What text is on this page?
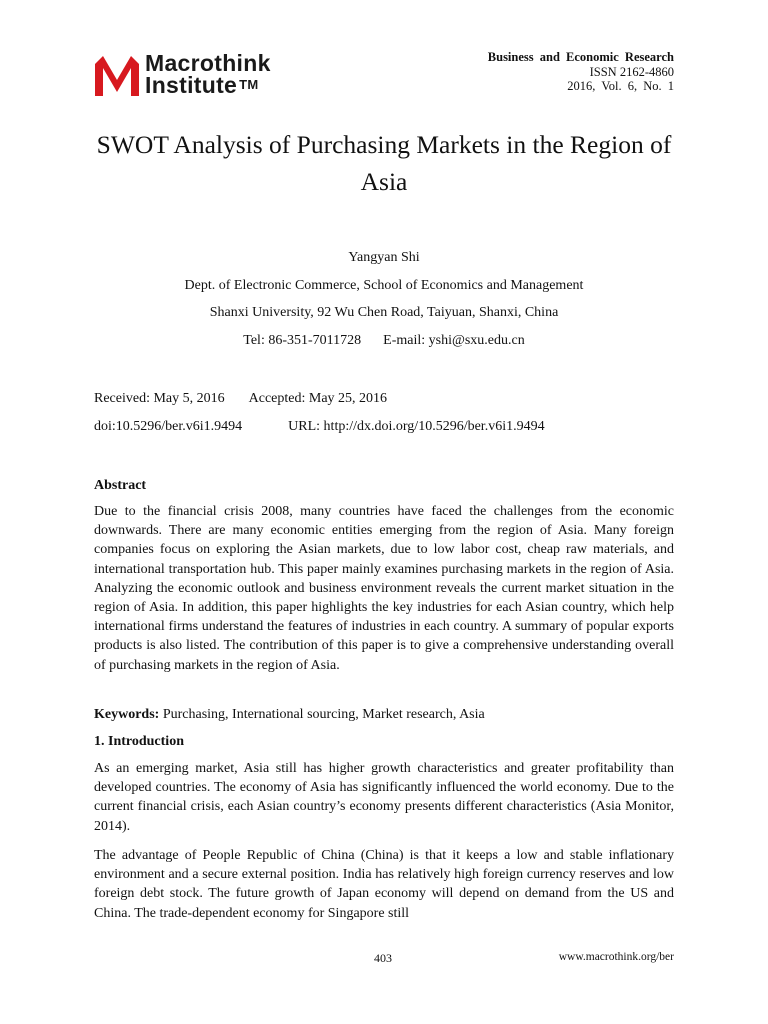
Macrothink
Institute ™
Business and Economic Research
ISSN 2162-4860
2016, Vol. 6, No. 1
SWOT Analysis of Purchasing Markets in the Region of Asia
Yangyan Shi
Dept. of Electronic Commerce, School of Economics and Management
Shanxi University, 92 Wu Chen Road, Taiyuan, Shanxi, China
Tel: 86-351-7011728 E-mail: yshi@sxu.edu.cn
Received: May 5, 2016 Accepted: May 25, 2016
doi:10.5296/ber.v6i1.9494	URL: http://dx.doi.org/10.5296/ber.v6i1.9494
Abstract

Due to the financial crisis 2008, many countries have faced the challenges from the economic downwards. There are many economic entities emerging from the region of Asia. Many foreign companies focus on exploring the Asian markets, due to low labor cost, cheap raw materials, and international transportation hub. This paper mainly examines purchasing markets in the region of Asia. Analyzing the economic outlook and business environment reveals the current market situation in the region of Asia. In addition, this paper highlights the key industries for each Asian country, which help international firms understand the features of industries in each country. A summary of popular exports products is also listed. The contribution of this paper is to give a comprehensive understanding overall of purchasing markets in the region of Asia.

Keywords: Purchasing, International sourcing, Market research, Asia
1. Introduction

As an emerging market, Asia still has higher growth characteristics and greater profitability than developed countries. The economy of Asia has significantly influenced the world economy. Due to the current financial crisis, each Asian country’s economy presents different characteristics (Asia Monitor, 2014).

The advantage of People Republic of China (China) is that it keeps a low and stable inflationary environment and a secure external position. India has relatively high foreign currency reserves and low foreign debt stock. The future growth of Japan economy will depend on demand from the US and China. The trade-dependent economy for Singapore still

403	www.macrothink.org/ber
